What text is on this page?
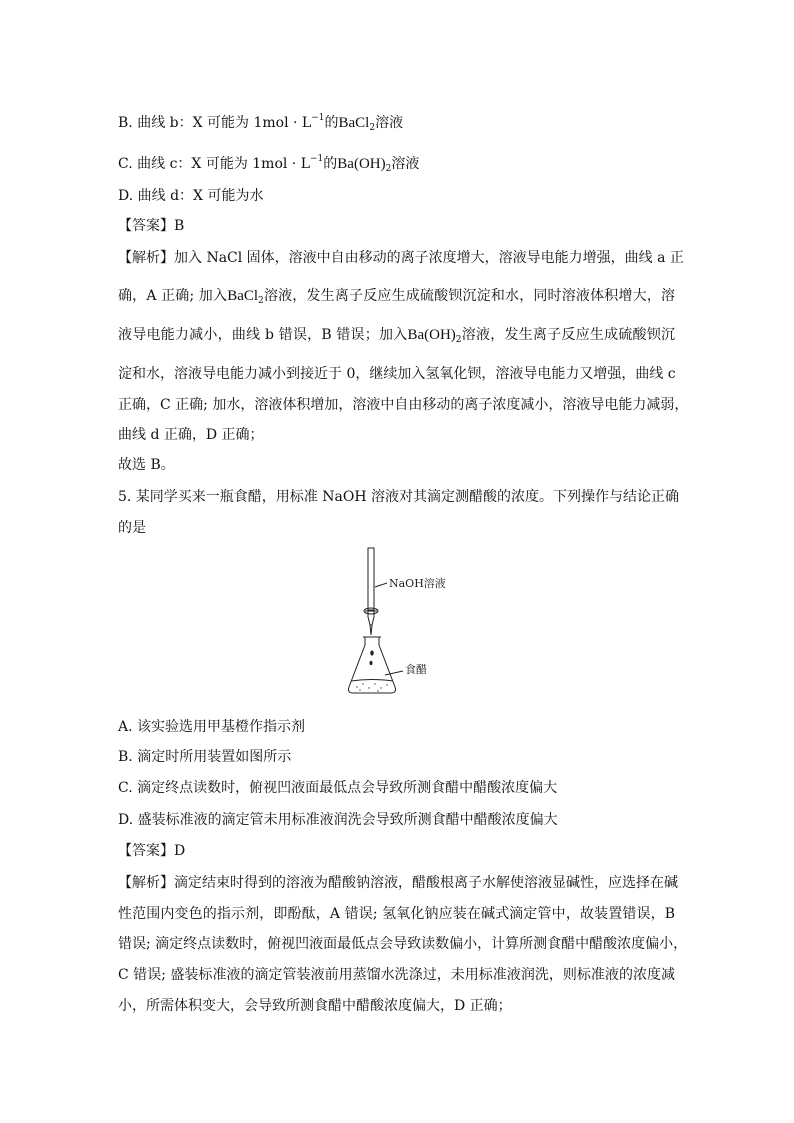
B. 曲线 b：X 可能为 $1mol \cdot L^{-1}$的BaCl$_2$溶液
C. 曲线 c：X 可能为 $1mol \cdot L^{-1}$的$Ba(OH)_2$溶液
D. 曲线 d：X 可能为水
【答案】B
【解析】加入 NaCl 固体，溶液中自由移动的离子浓度增大，溶液导电能力增强，曲线 a 正
确，A 正确; 加入BaCl$_2$溶液，发生离子反应生成硫酸钡沉淀和水，同时溶液体积增大，溶
液导电能力减小，曲线 b 错误，B 错误；加入$Ba(OH)_2$溶液，发生离子反应生成硫酸钡沉
淀和水，溶液导电能力减小到接近于 0，继续加入氢氧化钡，溶液导电能力又增强，曲线 c
正确，C 正确; 加水，溶液体积增加，溶液中自由移动的离子浓度减小，溶液导电能力减弱，
曲线 d 正确，D 正确；
故选 B。
5. 某同学买来一瓶食醋，用标准 NaOH 溶液对其滴定测醋酸的浓度。下列操作与结论正确
的是
NaOH溶液
食醋
A. 该实验选用甲基橙作指示剂
B. 滴定时所用装置如图所示
C. 滴定终点读数时，俯视凹液面最低点会导致所测食醋中醋酸浓度偏大
D. 盛装标准液的滴定管未用标准液润洗会导致所测食醋中醋酸浓度偏大
【答案】D
【解析】滴定结束时得到的溶液为醋酸钠溶液，醋酸根离子水解使溶液显碱性，应选择在碱
性范围内变色的指示剂，即酚酞，A 错误; 氢氧化钠应装在碱式滴定管中，故装置错误，B
错误; 滴定终点读数时，俯视凹液面最低点会导致读数偏小，计算所测食醋中醋酸浓度偏小，
C 错误; 盛装标准液的滴定管装液前用蒸馏水洗涤过，未用标准液润洗，则标准液的浓度减
小，所需体积变大，会导致所测食醋中醋酸浓度偏大，D 正确；
